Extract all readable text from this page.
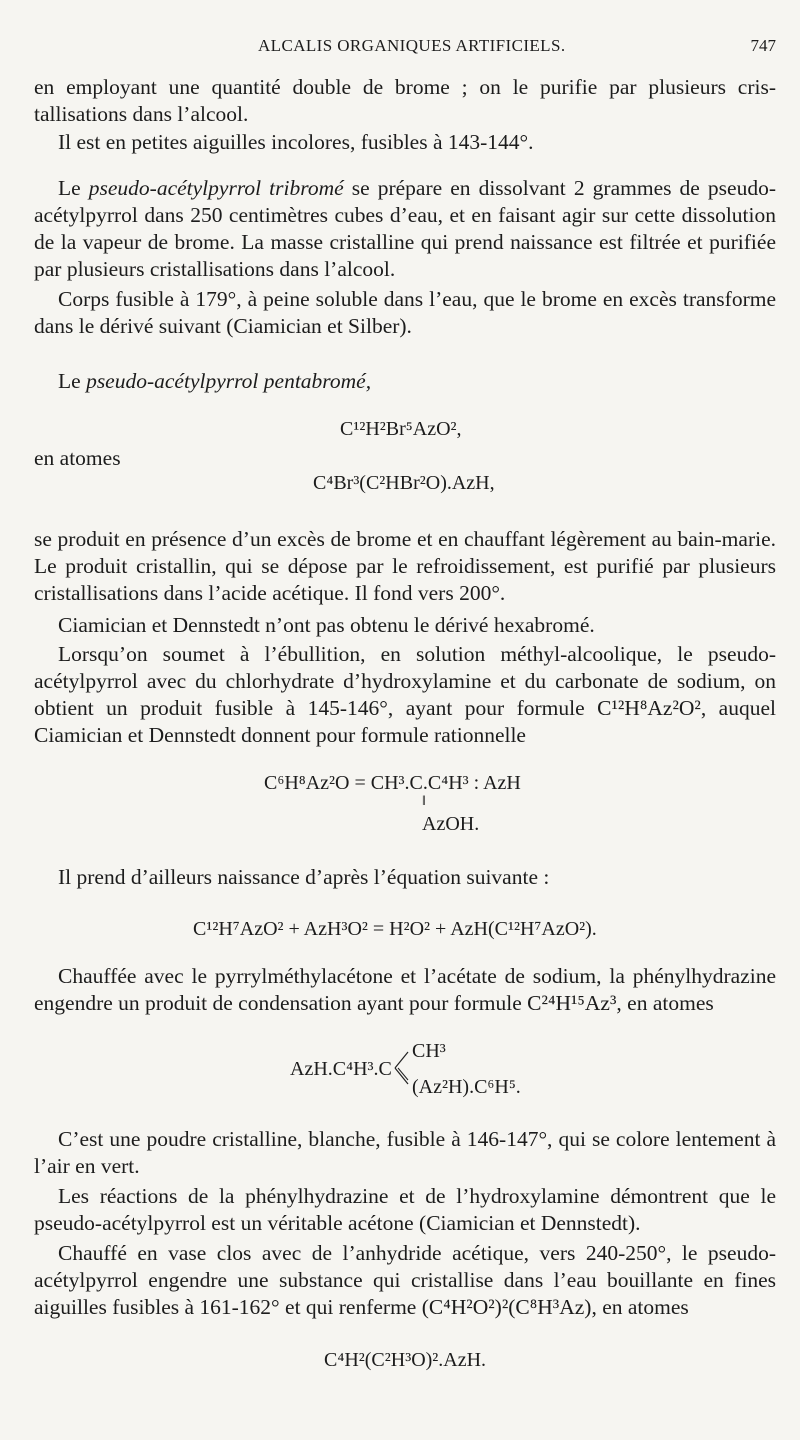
ALCALIS ORGANIQUES ARTIFICIELS.	747
en employant une quantité double de brome ; on le purifie par plusieurs cris-
tallisations dans l’alcool.

Il est en petites aiguilles incolores, fusibles à 143-144°.

Le pseudo-acétylpyrrol tribromé se prépare en dissolvant 2 grammes de pseudo-acétylpyrrol dans 250 centimètres cubes d’eau, et en faisant agir sur cette dissolution de la vapeur de brome. La masse cristalline qui prend naissance est filtrée et purifiée par plusieurs cristallisations dans l’alcool.

Corps fusible à 179°, à peine soluble dans l’eau, que le brome en excès transforme dans le dérivé suivant (Ciamician et Silber).

Le pseudo-acétylpyrrol pentabromé,

C¹²H²Br⁵AzO²,
en atomes
C⁴Br³(C²HBr²O).AzH,

se produit en présence d’un excès de brome et en chauffant légèrement au bain-marie. Le produit cristallin, qui se dépose par le refroidissement, est purifié par plusieurs cristallisations dans l’acide acétique. Il fond vers 200°.

Ciamician et Dennstedt n’ont pas obtenu le dérivé hexabromé.

Lorsqu’on soumet à l’ébullition, en solution méthyl-alcoolique, le pseudo-acétylpyrrol avec du chlorhydrate d’hydroxylamine et du carbonate de sodium, on obtient un produit fusible à 145-146°, ayant pour formule C¹²H⁸Az²O², auquel Ciamician et Dennstedt donnent pour formule rationnelle

C⁶H⁸Az²O = CH³.C.C⁴H³ : AzH
‖
AzOH.

Il prend d’ailleurs naissance d’après l’équation suivante :

C¹²H⁷AzO² + AzH³O² = H²O² + AzH(C¹²H⁷AzO²).

Chauffée avec le pyrrylméthylacétone et l’acétate de sodium, la phénylhydrazine engendre un produit de condensation ayant pour formule C²⁴H¹⁵Az³, en atomes

AzH.C⁴H³.C
CH³
(Az²H).C⁶H⁵.

C’est une poudre cristalline, blanche, fusible à 146-147°, qui se colore lentement à l’air en vert.

Les réactions de la phénylhydrazine et de l’hydroxylamine démontrent que le pseudo-acétylpyrrol est un véritable acétone (Ciamician et Dennstedt).

Chauffé en vase clos avec de l’anhydride acétique, vers 240-250°, le pseudo-acétylpyrrol engendre une substance qui cristallise dans l’eau bouillante en fines aiguilles fusibles à 161-162° et qui renferme (C⁴H²O²)²(C⁸H³Az), en atomes

C⁴H²(C²H³O)².AzH.
